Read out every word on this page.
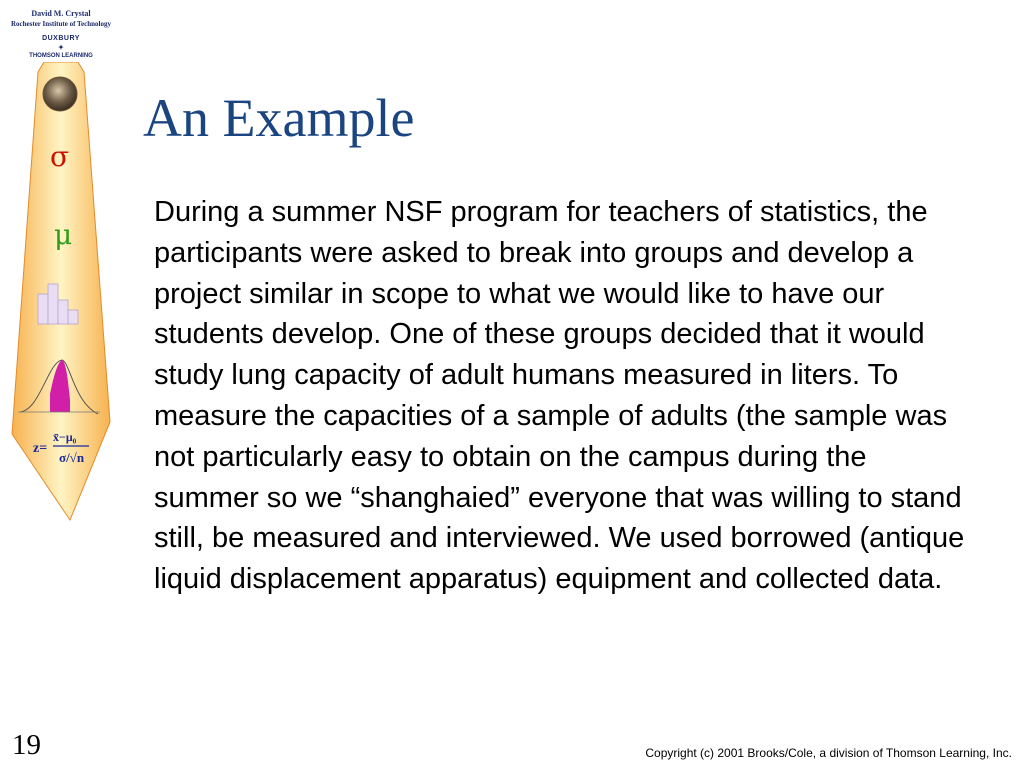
David M. Crystal
Rochester Institute of Technology
DUXBURY
✦
THOMSON LEARNING
σ
μ
z=
x̄−μ₀
σ/√n
An Example

During a summer NSF program for teachers of statistics, the participants were asked to break into groups and develop a project similar in scope to what we would like to have our students develop. One of these groups decided that it would study lung capacity of adult humans measured in liters. To measure the capacities of a sample of adults (the sample was not particularly easy to obtain on the campus during the summer so we “shanghaied” everyone that was willing to stand still, be measured and interviewed. We used borrowed (antique liquid displacement apparatus) equipment and collected data.

19	Copyright (c) 2001 Brooks/Cole, a division of Thomson Learning, Inc.
